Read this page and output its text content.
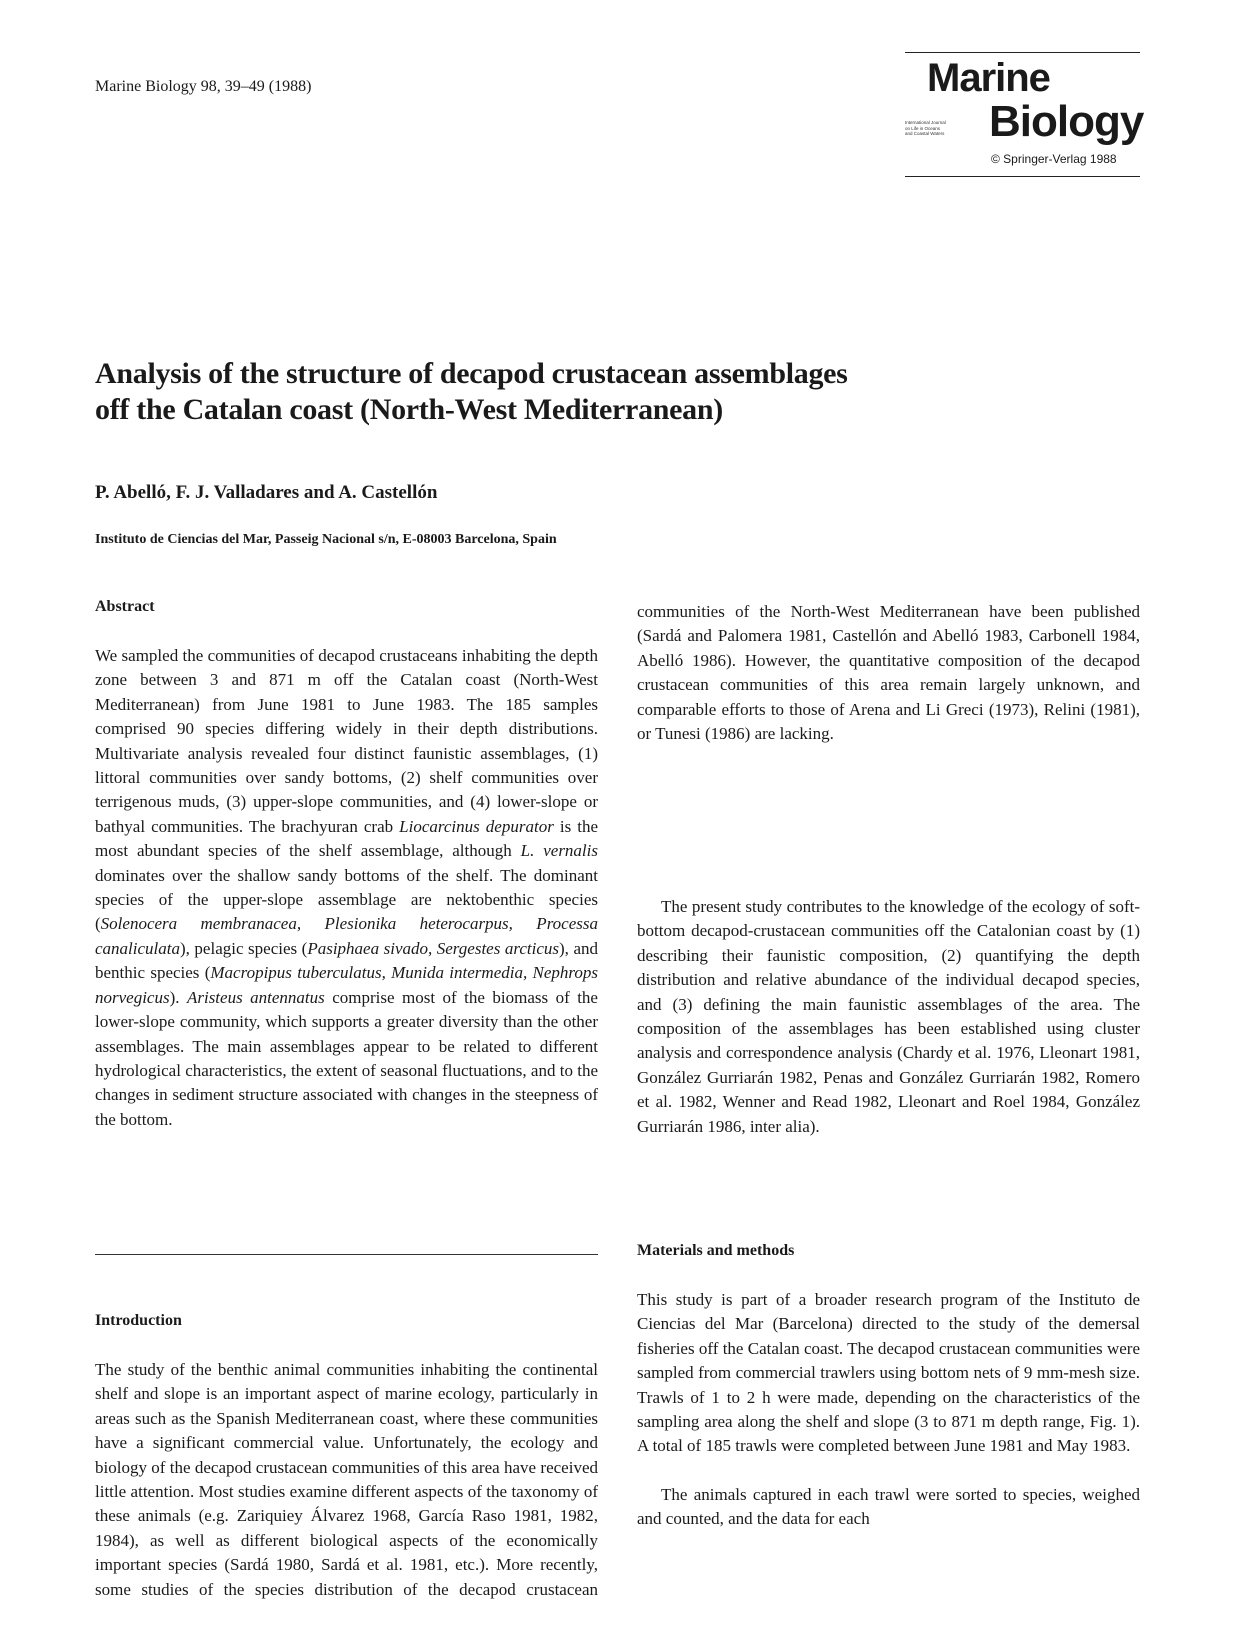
Marine Biology 98, 39–49 (1988)	Marine
International Journal
on Life in Oceans
and Coastal Waters	Biology
© Springer-Verlag 1988
Analysis of the structure of decapod crustacean assemblages
off the Catalan coast (North-West Mediterranean)
P. Abelló, F. J. Valladares and A. Castellón
Instituto de Ciencias del Mar, Passeig Nacional s/n, E-08003 Barcelona, Spain
Abstract

We sampled the communities of decapod crustaceans inhabiting the depth zone between 3 and 871 m off the Catalan coast (North-West Mediterranean) from June 1981 to June 1983. The 185 samples comprised 90 species differing widely in their depth distributions. Multivariate analysis revealed four distinct faunistic assemblages, (1) littoral communities over sandy bottoms, (2) shelf communities over terrigenous muds, (3) upper-slope communities, and (4) lower-slope or bathyal communities. The brachyuran crab Liocarcinus depurator is the most abundant species of the shelf assemblage, although L. vernalis dominates over the shallow sandy bottoms of the shelf. The dominant species of the upper-slope assemblage are nektobenthic species (Solenocera membranacea, Plesionika heterocarpus, Processa canaliculata), pelagic species (Pasiphaea sivado, Sergestes arcticus), and benthic species (Macropipus tuberculatus, Munida intermedia, Nephrops norvegicus). Aristeus antennatus comprise most of the biomass of the lower-slope community, which supports a greater diversity than the other assemblages. The main assemblages appear to be related to different hydrological characteristics, the extent of seasonal fluctuations, and to the changes in sediment structure associated with changes in the steepness of the bottom.

Introduction

The study of the benthic animal communities inhabiting the continental shelf and slope is an important aspect of marine ecology, particularly in areas such as the Spanish Mediterranean coast, where these communities have a significant commercial value. Unfortunately, the ecology and biology of the decapod crustacean communities of this area have received little attention. Most studies examine different aspects of the taxonomy of these animals (e.g. Zariquiey Álvarez 1968, García Raso 1981, 1982, 1984), as well as different biological aspects of the economically important species (Sardá 1980, Sardá et al. 1981, etc.). More recently, some studies of the species distribution of the decapod crustacean

communities of the North-West Mediterranean have been published (Sardá and Palomera 1981, Castellón and Abelló 1983, Carbonell 1984, Abelló 1986). However, the quantitative composition of the decapod crustacean communities of this area remain largely unknown, and comparable efforts to those of Arena and Li Greci (1973), Relini (1981), or Tunesi (1986) are lacking.

The present study contributes to the knowledge of the ecology of soft-bottom decapod-crustacean communities off the Catalonian coast by (1) describing their faunistic composition, (2) quantifying the depth distribution and relative abundance of the individual decapod species, and (3) defining the main faunistic assemblages of the area. The composition of the assemblages has been established using cluster analysis and correspondence analysis (Chardy et al. 1976, Lleonart 1981, González Gurriarán 1982, Penas and González Gurriarán 1982, Romero et al. 1982, Wenner and Read 1982, Lleonart and Roel 1984, González Gurriarán 1986, inter alia).

Materials and methods

This study is part of a broader research program of the Instituto de Ciencias del Mar (Barcelona) directed to the study of the demersal fisheries off the Catalan coast. The decapod crustacean communities were sampled from commercial trawlers using bottom nets of 9 mm-mesh size. Trawls of 1 to 2 h were made, depending on the characteristics of the sampling area along the shelf and slope (3 to 871 m depth range, Fig. 1). A total of 185 trawls were completed between June 1981 and May 1983.

The animals captured in each trawl were sorted to species, weighed and counted, and the data for each
